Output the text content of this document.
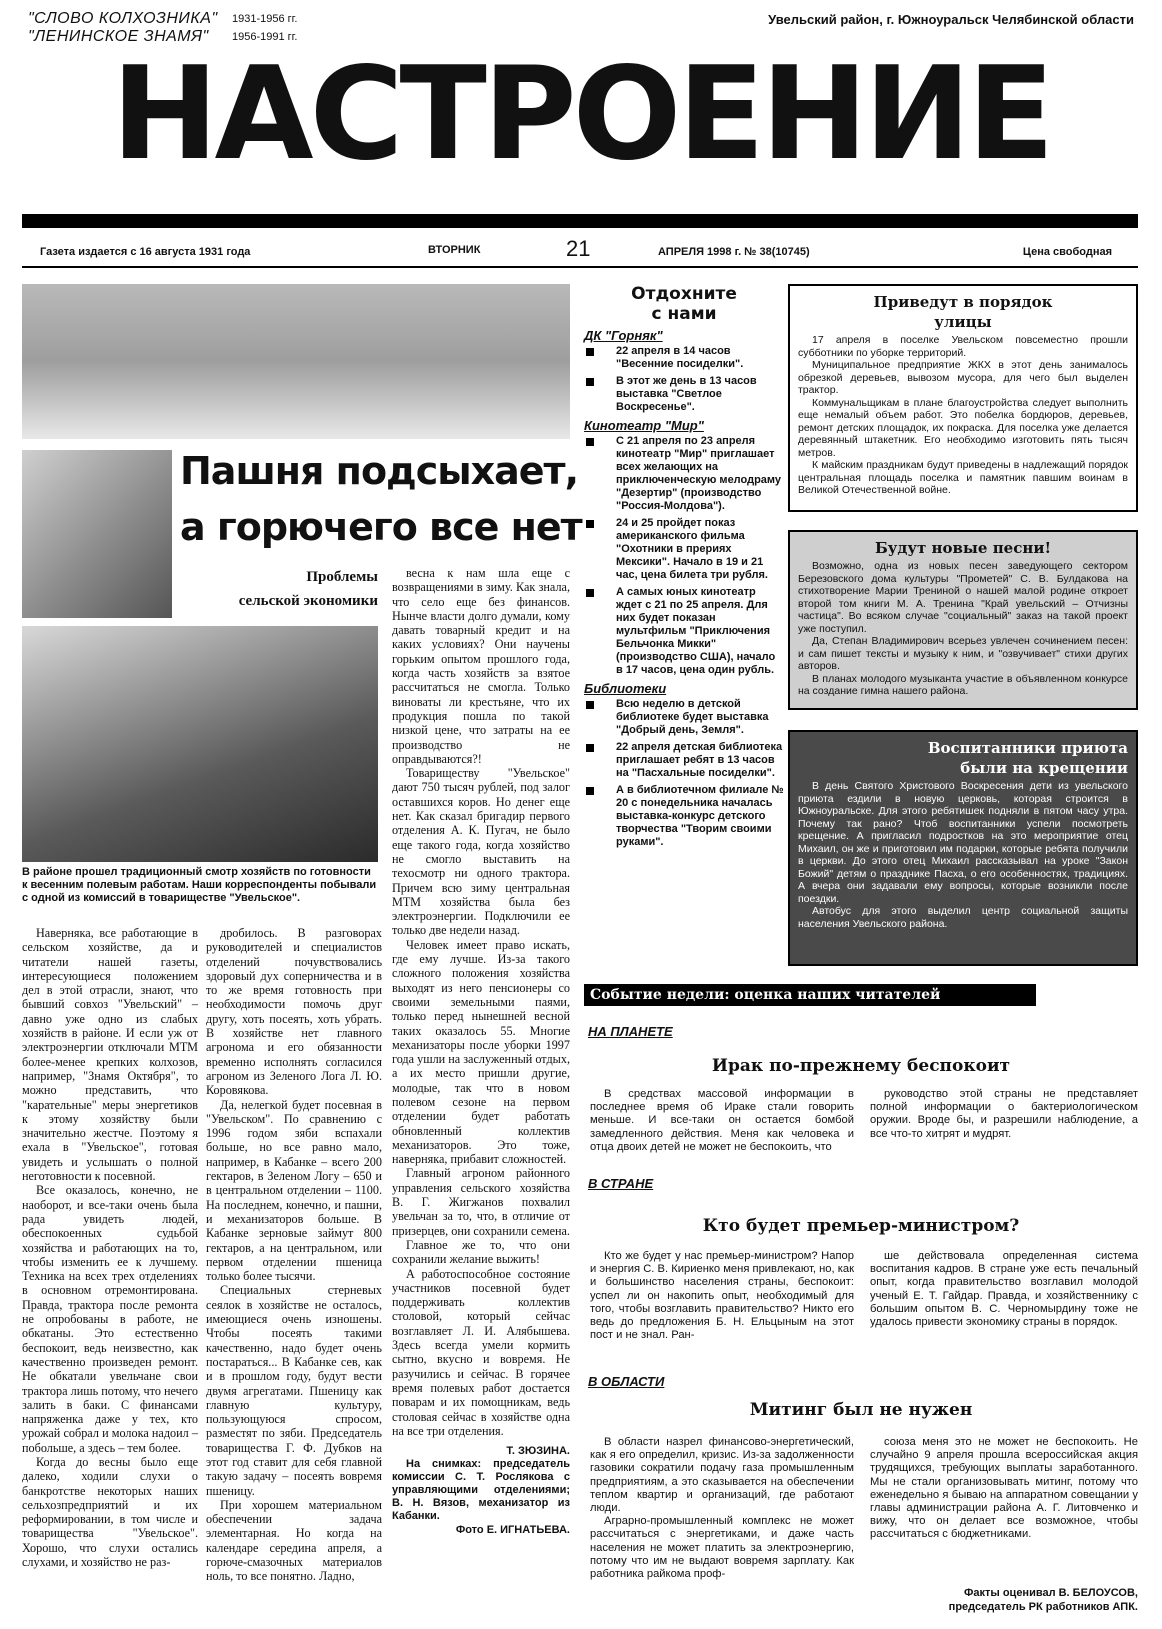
"СЛОВО КОЛХОЗНИКА" 1931-1956 гг.
"ЛЕНИНСКОЕ ЗНАМЯ" 1956-1991 гг.
Увельский район, г. Южноуральск Челябинской области
НАСТРОЕНИЕ
Газета издается с 16 августа 1931 года	ВТОРНИК	21	АПРЕЛЯ 1998 г. № 38(10745)	Цена свободная
Пашня подсыхает,
а горючего все нет
Проблемы
сельской экономики
В районе прошел традиционный смотр хозяйств по готовности к весенним полевым работам. Наши корреспонденты побывали с одной из комиссий в товариществе "Увельское".

Наверняка, все работающие в сельском хозяйстве, да и читатели нашей газеты, интересующиеся положением дел в этой отрасли, знают, что бывший совхоз "Увельский" – давно уже одно из слабых хозяйств в районе. И если уж от электроэнергии отключали МТМ более-менее крепких колхозов, например, "Знамя Октября", то можно представить, что "карательные" меры энергетиков к этому хозяйству были значительно жестче. Поэтому я ехала в "Увельское", готовая увидеть и услышать о полной неготовности к посевной.

Все оказалось, конечно, не наоборот, и все-таки очень была рада увидеть людей, обеспокоенных судьбой хозяйства и работающих на то, чтобы изменить ее к лучшему. Техника на всех трех отделениях в основном отремонтирована. Правда, трактора после ремонта не опробованы в работе, не обкатаны. Это естественно беспокоит, ведь неизвестно, как качественно произведен ремонт. Не обкатали увельчане свои трактора лишь потому, что нечего залить в баки. С финансами напряженка даже у тех, кто урожай собрал и молока надоил – побольше, а здесь – тем более.

Когда до весны было еще далеко, ходили слухи о банкротстве некоторых наших сельхозпредприятий и их реформировании, в том числе и товарищества "Увельское". Хорошо, что слухи остались слухами, и хозяйство не раз-

дробилось. В разговорах руководителей и специалистов отделений почувствовались здоровый дух соперничества и в то же время готовность при необходимости помочь друг другу, хоть посеять, хоть убрать. В хозяйстве нет главного агронома и его обязанности временно исполнять согласился агроном из Зеленого Лога Л. Ю. Коровякова.

Да, нелегкой будет посевная в "Увельском". По сравнению с 1996 годом зяби вспахали больше, но все равно мало, например, в Кабанке – всего 200 гектаров, в Зеленом Логу – 650 и в центральном отделении – 1100. На последнем, конечно, и пашни, и механизаторов больше. В Кабанке зерновые займут 800 гектаров, а на центральном, или первом отделении пшеница только более тысячи.

Специальных стерневых сеялок в хозяйстве не осталось, имеющиеся очень изношены. Чтобы посеять такими качественно, надо будет очень постараться... В Кабанке сев, как и в прошлом году, будут вести двумя агрегатами. Пшеницу как главную культуру, пользующуюся спросом, разместят по зяби. Председатель товарищества Г. Ф. Дубков на этот год ставит для себя главной такую задачу – посеять вовремя пшеницу.

При хорошем материальном обеспечении задача элементарная. Но когда на календаре середина апреля, а горюче-смазочных материалов ноль, то все понятно. Ладно,

весна к нам шла еще с возвращениями в зиму. Как знала, что село еще без финансов. Нынче власти долго думали, кому давать товарный кредит и на каких условиях? Они научены горьким опытом прошлого года, когда часть хозяйств за взятое рассчитаться не смогла. Только виноваты ли крестьяне, что их продукция пошла по такой низкой цене, что затраты на ее производство не оправдываются?!

Товариществу "Увельское" дают 750 тысяч рублей, под залог оставшихся коров. Но денег еще нет. Как сказал бригадир первого отделения А. К. Пугач, не было еще такого года, когда хозяйство не смогло выставить на техосмотр ни одного трактора. Причем всю зиму центральная МТМ хозяйства была без электроэнергии. Подключили ее только две недели назад.

Человек имеет право искать, где ему лучше. Из-за такого сложного положения хозяйства выходят из него пенсионеры со своими земельными паями, только перед нынешней весной таких оказалось 55. Многие механизаторы после уборки 1997 года ушли на заслуженный отдых, а их место пришли другие, молодые, так что в новом полевом сезоне на первом отделении будет работать обновленный коллектив механизаторов. Это тоже, наверняка, прибавит сложностей.

Главный агроном районного управления сельского хозяйства В. Г. Жигжанов похвалил увельчан за то, что, в отличие от призерцев, они сохранили семена.

Главное же то, что они сохранили желание выжить!

А работоспособное состояние участников посевной будет поддерживать коллектив столовой, который сейчас возглавляет Л. И. Алябышева. Здесь всегда умели кормить сытно, вкусно и вовремя. Не разучились и сейчас. В горячее время полевых работ достается поварам и их помощникам, ведь столовая сейчас в хозяйстве одна на все три отделения.

Т. ЗЮЗИНА.
На снимках: председатель комиссии С. Т. Рослякова с управляющими отделениями; В. Н. Вязов, механизатор из Кабанки.
Фото Е. ИГНАТЬЕВА.
Отдохните
с нами
ДК "Горняк"
22 апреля в 14 часов "Весенние посиделки".
В этот же день в 13 часов выставка "Светлое Воскресенье".
Кинотеатр "Мир"
С 21 апреля по 23 апреля кинотеатр "Мир" приглашает всех желающих на приключенческую мелодраму "Дезертир" (производство "Россия-Молдова").
24 и 25 пройдет показ американского фильма "Охотники в прериях Мексики". Начало в 19 и 21 час, цена билета три рубля.
А самых юных кинотеатр ждет с 21 по 25 апреля. Для них будет показан мультфильм "Приключения Бельчонка Микки" (производство США), начало в 17 часов, цена один рубль.
Библиотеки
Всю неделю в детской библиотеке будет выставка "Добрый день, Земля".
22 апреля детская библиотека приглашает ребят в 13 часов на "Пасхальные посиделки".
А в библиотечном филиале № 20 с понедельника началась выставка-конкурс детского творчества "Творим своими руками".
Приведут в порядок
улицы

17 апреля в поселке Увельском повсеместно прошли субботники по уборке территорий.

Муниципальное предприятие ЖКХ в этот день занималось обрезкой деревьев, вывозом мусора, для чего был выделен трактор.

Коммунальщикам в плане благоустройства следует выполнить еще немалый объем работ. Это побелка бордюров, деревьев, ремонт детских площадок, их покраска. Для поселка уже делается деревянный штакетник. Его необходимо изготовить пять тысяч метров.

К майским праздникам будут приведены в надлежащий порядок центральная площадь поселка и памятник павшим воинам в Великой Отечественной войне.

Будут новые песни!

Возможно, одна из новых песен заведующего сектором Березовского дома культуры "Прометей" С. В. Булдакова на стихотворение Марии Трениной о нашей малой родине откроет второй том книги М. А. Тренина "Край увельский – Отчизны частица". Во всяком случае "социальный" заказ на такой проект уже поступил.

Да, Степан Владимирович всерьез увлечен сочинением песен: и сам пишет тексты и музыку к ним, и "озвучивает" стихи других авторов.

В планах молодого музыканта участие в объявленном конкурсе на создание гимна нашего района.

Воспитанники приюта
были на крещении

В день Святого Христового Воскресения дети из увельского приюта ездили в новую церковь, которая строится в Южноуральске. Для этого ребятишек подняли в пятом часу утра. Почему так рано? Чтоб воспитанники успели посмотреть крещение. А пригласил подростков на это мероприятие отец Михаил, он же и приготовил им подарки, которые ребята получили в церкви. До этого отец Михаил рассказывал на уроке "Закон Божий" детям о празднике Пасха, о его особенностях, традициях. А вчера они задавали ему вопросы, которые возникли после поездки.

Автобус для этого выделил центр социальной защиты населения Увельского района.

Событие недели: оценка наших читателей
НА ПЛАНЕТЕ
Ирак по-прежнему беспокоит

В средствах массовой информации в последнее время об Ираке стали говорить меньше. И все-таки он остается бомбой замедленного действия. Меня как человека и отца двоих детей не может не беспокоить, что

руководство этой страны не представляет полной информации о бактериологическом оружии. Вроде бы, и разрешили наблюдение, а все что-то хитрят и мудрят.

В СТРАНЕ
Кто будет премьер-министром?

Кто же будет у нас премьер-министром? Напор и энергия С. В. Кириенко меня привлекают, но, как и большинство населения страны, беспокоит: успел ли он накопить опыт, необходимый для того, чтобы возглавить правительство? Никто его ведь до предложения Б. Н. Ельцыным на этот пост и не знал. Ран-

ше действовала определенная система воспитания кадров. В стране уже есть печальный опыт, когда правительство возглавил молодой ученый Е. Т. Гайдар. Правда, и хозяйственнику с большим опытом В. С. Черномырдину тоже не удалось привести экономику страны в порядок.

В ОБЛАСТИ
Митинг был не нужен

В области назрел финансово-энергетический, как я его определил, кризис. Из-за задолженности газовики сократили подачу газа промышленным предприятиям, а это сказывается на обеспечении теплом квартир и организаций, где работают люди.

Аграрно-промышленный комплекс не может рассчитаться с энергетиками, и даже часть населения не может платить за электроэнергию, потому что им не выдают вовремя зарплату. Как работника райкома проф-

союза меня это не может не беспокоить. Не случайно 9 апреля прошла всероссийская акция трудящихся, требующих выплаты заработанного. Мы не стали организовывать митинг, потому что еженедельно я бываю на аппаратном совещании у главы администрации района А. Г. Литовченко и вижу, что он делает все возможное, чтобы рассчитаться с бюджетниками.

Факты оценивал В. БЕЛОУСОВ,
председатель РК работников АПК.
